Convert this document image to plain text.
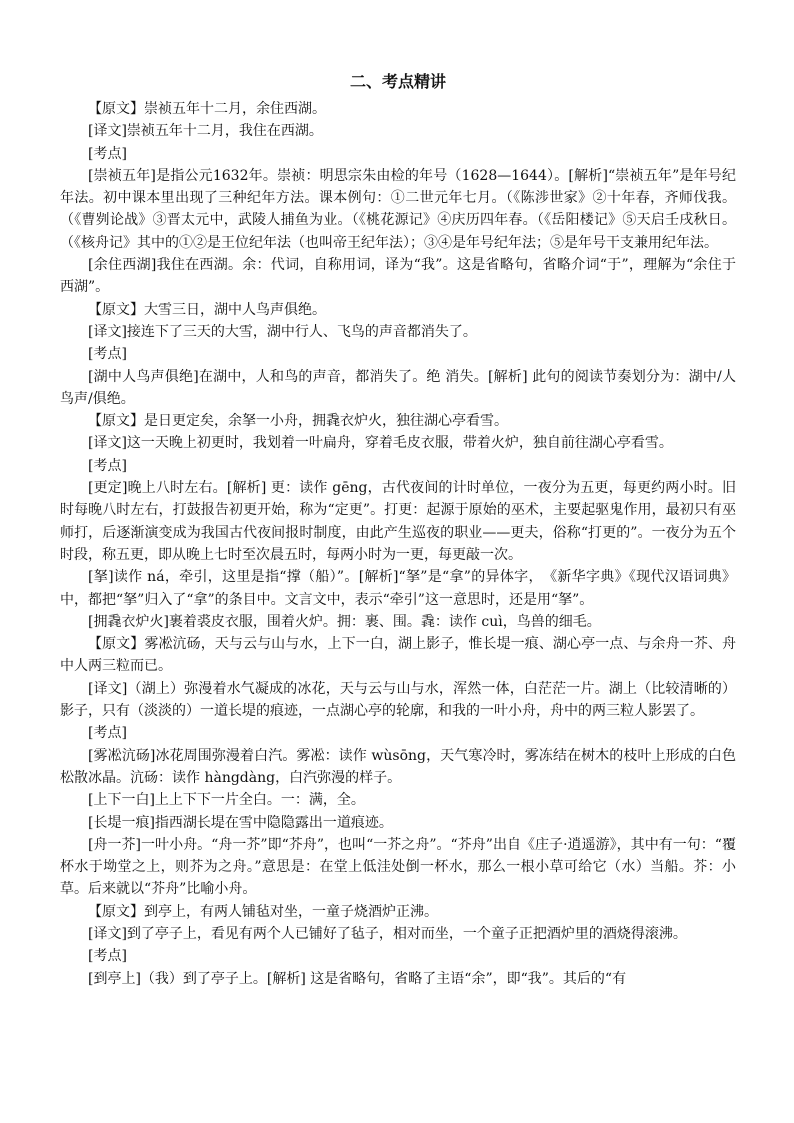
二、考点精讲

【原文】崇祯五年十二月，余住西湖。

[译文]崇祯五年十二月，我住在西湖。

[考点]

[崇祯五年]是指公元1632年。崇祯：明思宗朱由检的年号（1628—1644）。[解析]“崇祯五年”是年号纪年法。初中课本里出现了三种纪年方法。课本例句：①二世元年七月。（《陈涉世家》②十年春，齐师伐我。（《曹刿论战》③晋太元中，武陵人捕鱼为业。（《桃花源记》④庆历四年春。（《岳阳楼记》⑤天启壬戌秋日。（《核舟记》其中的①②是王位纪年法（也叫帝王纪年法）；③④是年号纪年法；⑤是年号干支兼用纪年法。

[余住西湖]我住在西湖。余：代词，自称用词，译为“我”。这是省略句，省略介词“于”，理解为“余住于西湖”。

【原文】大雪三日，湖中人鸟声俱绝。

[译文]接连下了三天的大雪，湖中行人、飞鸟的声音都消失了。

[考点]

[湖中人鸟声俱绝]在湖中，人和鸟的声音，都消失了。绝 消失。[解析] 此句的阅读节奏划分为：湖中/人鸟声/俱绝。

【原文】是日更定矣，余拏一小舟，拥毳衣炉火，独往湖心亭看雪。

[译文]这一天晚上初更时，我划着一叶扁舟，穿着毛皮衣服，带着火炉，独自前往湖心亭看雪。

[考点]

[更定]晚上八时左右。[解析] 更：读作 gēng，古代夜间的计时单位，一夜分为五更，每更约两小时。旧时每晚八时左右，打鼓报告初更开始，称为“定更”。打更：起源于原始的巫术，主要起驱鬼作用，最初只有巫师打，后逐渐演变成为我国古代夜间报时制度，由此产生巡夜的职业——更夫，俗称“打更的”。一夜分为五个时段，称五更，即从晚上七时至次晨五时，每两小时为一更，每更敲一次。

[拏]读作 ná，牵引，这里是指“撑（船）”。[解析]“拏”是“拿”的异体字，　《新华字典》《现代汉语词典》中，都把“拏”归入了“拿”的条目中。文言文中，表示“牵引”这一意思时，还是用“拏”。

[拥毳衣炉火]裹着裘皮衣服，围着火炉。拥：裹、围。毳：读作 cuì，鸟兽的细毛。

【原文】雾凇沆砀，天与云与山与水，上下一白，湖上影子，惟长堤一痕、湖心亭一点、与余舟一芥、舟中人两三粒而已。

[译文]（湖上）弥漫着水气凝成的冰花，天与云与山与水，浑然一体，白茫茫一片。湖上（比较清晰的）影子，只有（淡淡的）一道长堤的痕迹，一点湖心亭的轮廓，和我的一叶小舟，舟中的两三粒人影罢了。

[考点]

[雾凇沆砀]冰花周围弥漫着白汽。雾凇：读作 wùsōng，天气寒冷时，雾冻结在树木的枝叶上形成的白色松散冰晶。沆砀：读作 hàngdàng，白汽弥漫的样子。

[上下一白]上上下下一片全白。一：满，全。

[长堤一痕]指西湖长堤在雪中隐隐露出一道痕迹。

[舟一芥]一叶小舟。“舟一芥”即“芥舟”，也叫“一芥之舟”。“芥舟”出自《庄子·逍遥游》，其中有一句：“覆杯水于坳堂之上，则芥为之舟。”意思是：在堂上低洼处倒一杯水，那么一根小草可给它（水）当船。芥：小草。后来就以“芥舟”比喻小舟。

【原文】到亭上，有两人铺毡对坐，一童子烧酒炉正沸。

[译文]到了亭子上，看见有两个人已铺好了毡子，相对而坐，一个童子正把酒炉里的酒烧得滚沸。

[考点]

[到亭上]（我）到了亭子上。[解析] 这是省略句，省略了主语“余”，即“我”。其后的“有
